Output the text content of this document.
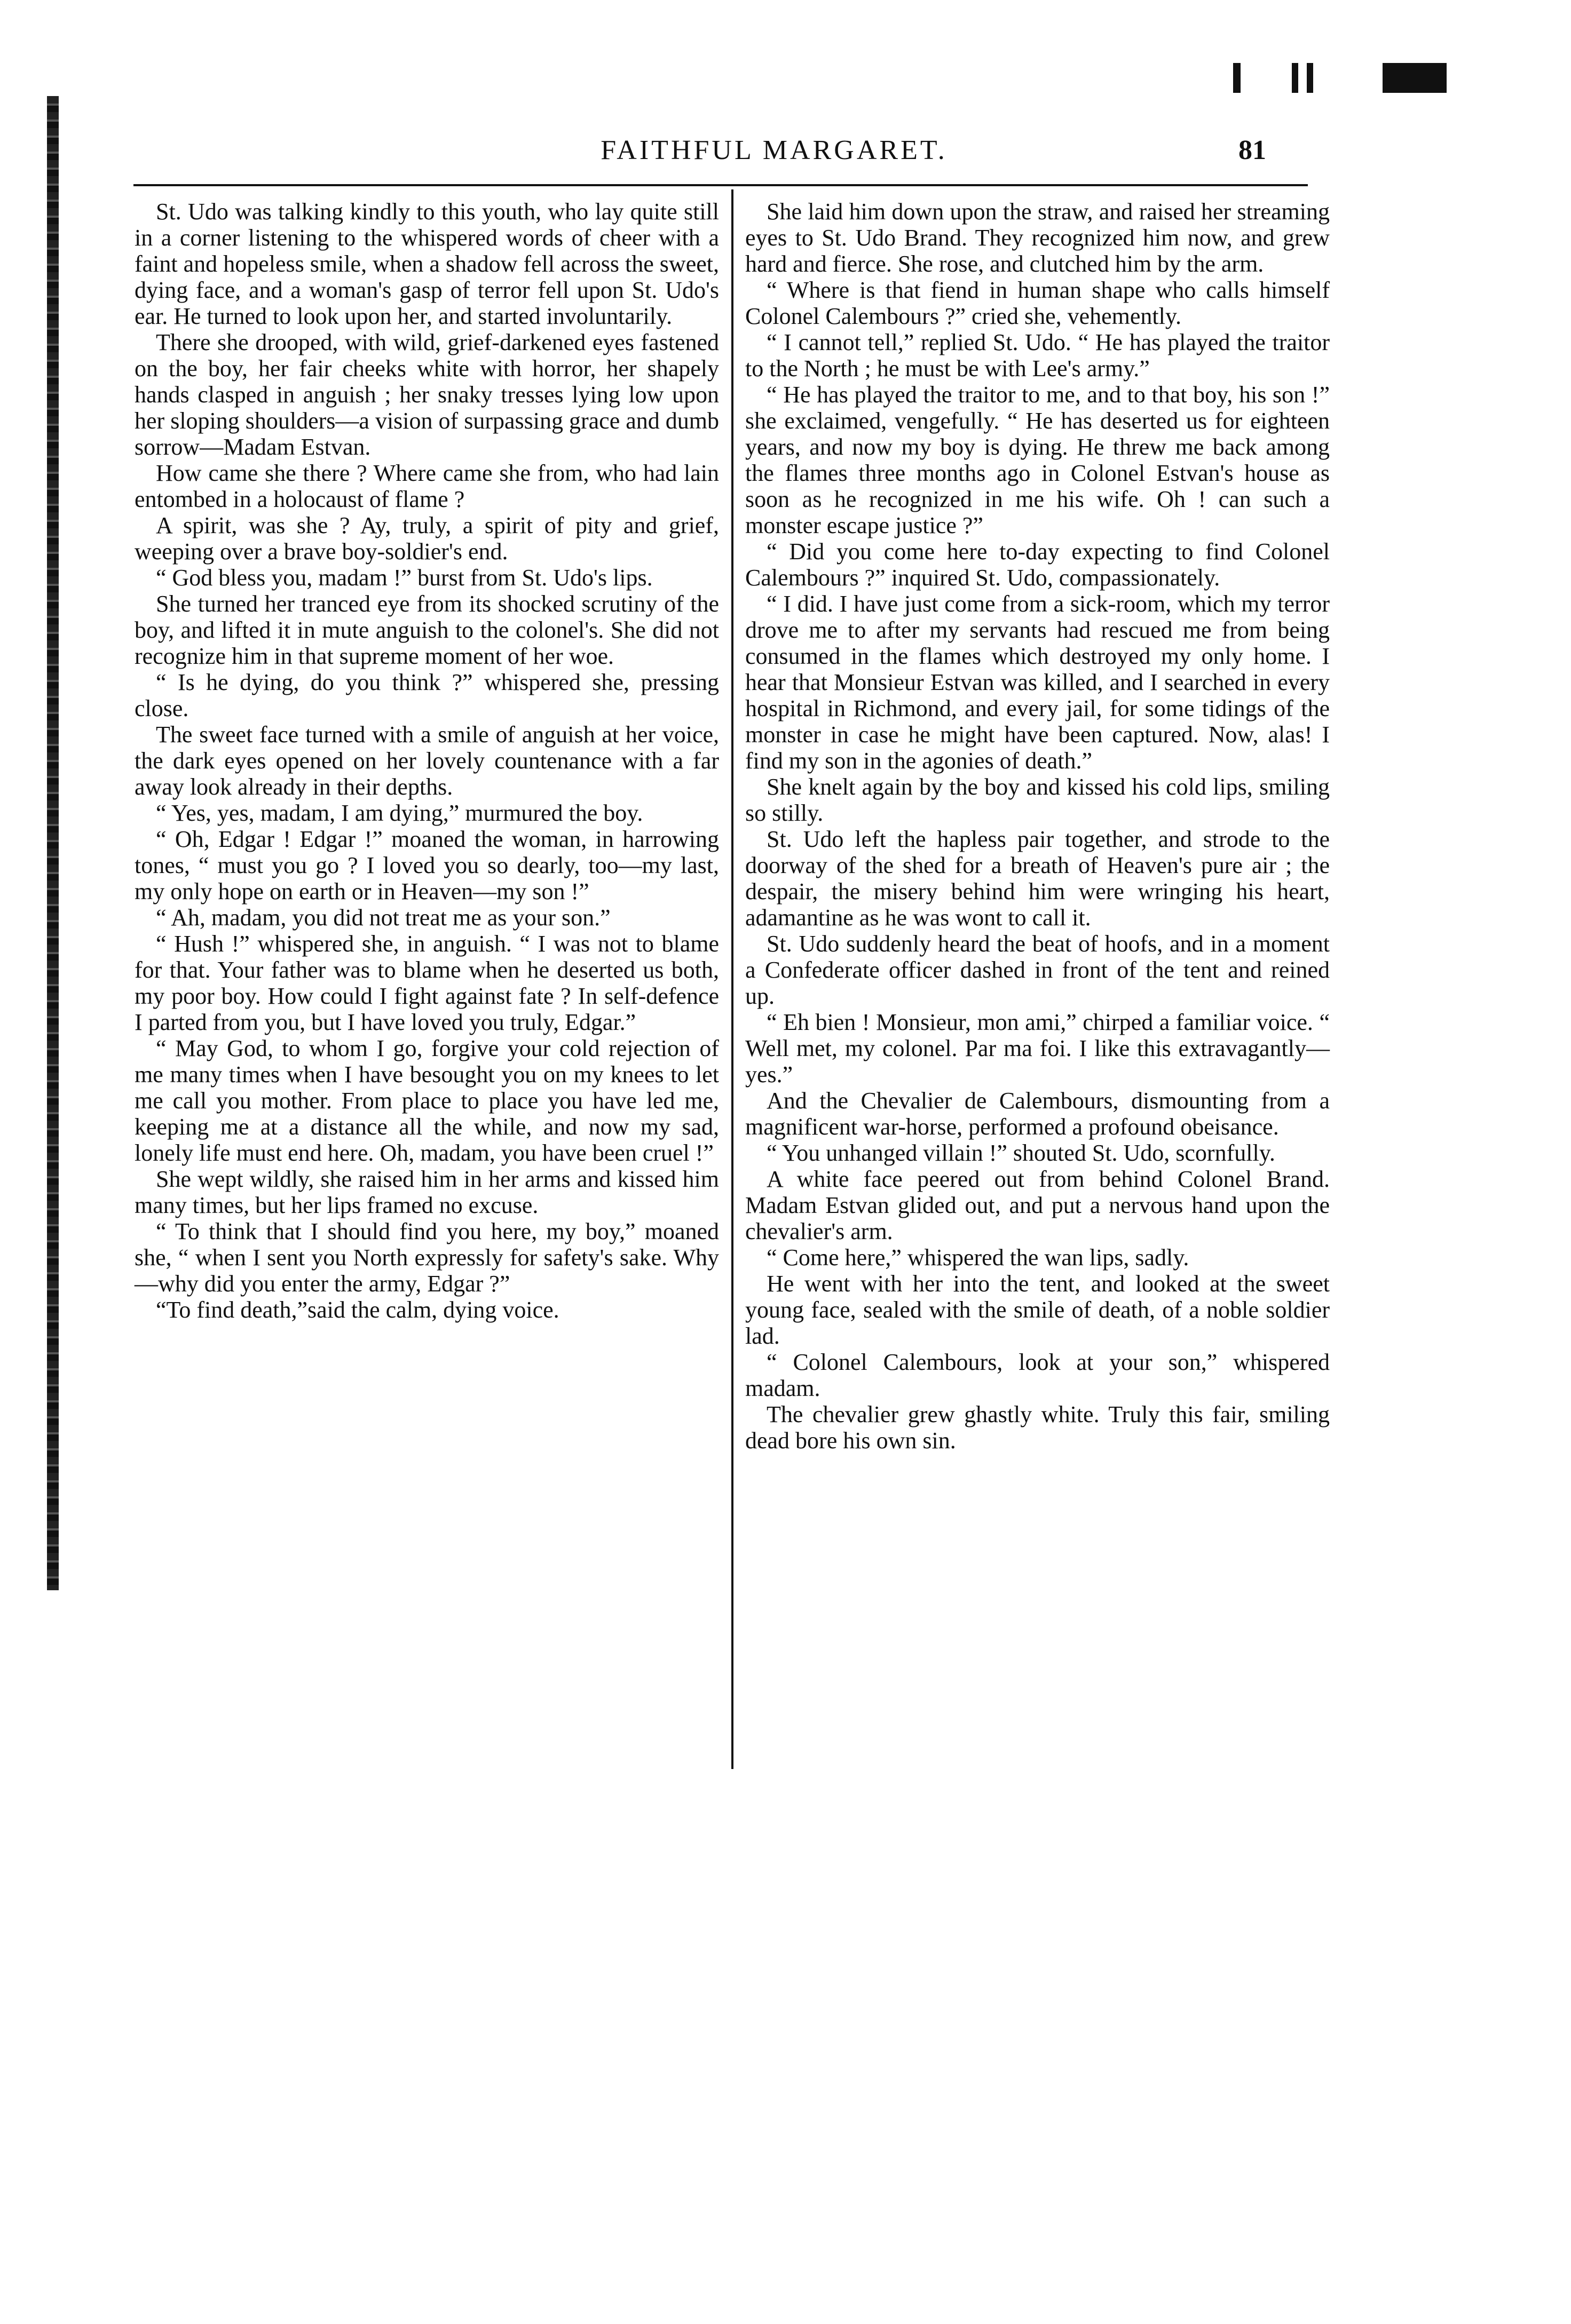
FAITHFUL MARGARET.	81

St. Udo was talking kindly to this youth, who lay quite still in a corner listening to the whispered words of cheer with a faint and hopeless smile, when a shadow fell across the sweet, dying face, and a woman's gasp of terror fell upon St. Udo's ear. He turned to look upon her, and started involuntarily.

There she drooped, with wild, grief-darkened eyes fastened on the boy, her fair cheeks white with horror, her shapely hands clasped in anguish ; her snaky tresses lying low upon her sloping shoulders—a vision of surpassing grace and dumb sorrow—Madam Estvan.

How came she there ? Where came she from, who had lain entombed in a holocaust of flame ?

A spirit, was she ? Ay, truly, a spirit of pity and grief, weeping over a brave boy-soldier's end.

“ God bless you, madam !” burst from St. Udo's lips.

She turned her tranced eye from its shocked scrutiny of the boy, and lifted it in mute anguish to the colonel's. She did not recognize him in that supreme moment of her woe.

“ Is he dying, do you think ?” whispered she, pressing close.

The sweet face turned with a smile of anguish at her voice, the dark eyes opened on her lovely countenance with a far away look already in their depths.

“ Yes, yes, madam, I am dying,” murmured the boy.

“ Oh, Edgar ! Edgar !” moaned the woman, in harrowing tones, “ must you go ? I loved you so dearly, too—my last, my only hope on earth or in Heaven—my son !”

“ Ah, madam, you did not treat me as your son.”

“ Hush !” whispered she, in anguish. “ I was not to blame for that. Your father was to blame when he deserted us both, my poor boy. How could I fight against fate ? In self-defence I parted from you, but I have loved you truly, Edgar.”

“ May God, to whom I go, forgive your cold rejection of me many times when I have besought you on my knees to let me call you mother. From place to place you have led me, keeping me at a distance all the while, and now my sad, lonely life must end here. Oh, madam, you have been cruel !”

She wept wildly, she raised him in her arms and kissed him many times, but her lips framed no excuse.

“ To think that I should find you here, my boy,” moaned she, “ when I sent you North expressly for safety's sake. Why—why did you enter the army, Edgar ?”

“To find death,”said the calm, dying voice.

She laid him down upon the straw, and raised her streaming eyes to St. Udo Brand. They recognized him now, and grew hard and fierce. She rose, and clutched him by the arm.

“ Where is that fiend in human shape who calls himself Colonel Calembours ?” cried she, vehemently.

“ I cannot tell,” replied St. Udo. “ He has played the traitor to the North ; he must be with Lee's army.”

“ He has played the traitor to me, and to that boy, his son !” she exclaimed, vengefully. “ He has deserted us for eighteen years, and now my boy is dying. He threw me back among the flames three months ago in Colonel Estvan's house as soon as he recognized in me his wife. Oh ! can such a monster escape justice ?”

“ Did you come here to-day expecting to find Colonel Calembours ?” inquired St. Udo, compassionately.

“ I did. I have just come from a sick-room, which my terror drove me to after my servants had rescued me from being consumed in the flames which destroyed my only home. I hear that Monsieur Estvan was killed, and I searched in every hospital in Richmond, and every jail, for some tidings of the monster in case he might have been captured. Now, alas! I find my son in the agonies of death.”

She knelt again by the boy and kissed his cold lips, smiling so stilly.

St. Udo left the hapless pair together, and strode to the doorway of the shed for a breath of Heaven's pure air ; the despair, the misery behind him were wringing his heart, adamantine as he was wont to call it.

St. Udo suddenly heard the beat of hoofs, and in a moment a Confederate officer dashed in front of the tent and reined up.

“ Eh bien ! Monsieur, mon ami,” chirped a familiar voice. “ Well met, my colonel. Par ma foi. I like this extravagantly—yes.”

And the Chevalier de Calembours, dismounting from a magnificent war-horse, performed a profound obeisance.

“ You unhanged villain !” shouted St. Udo, scornfully.

A white face peered out from behind Colonel Brand. Madam Estvan glided out, and put a nervous hand upon the chevalier's arm.

“ Come here,” whispered the wan lips, sadly.

He went with her into the tent, and looked at the sweet young face, sealed with the smile of death, of a noble soldier lad.

“ Colonel Calembours, look at your son,” whispered madam.

The chevalier grew ghastly white. Truly this fair, smiling dead bore his own sin.
